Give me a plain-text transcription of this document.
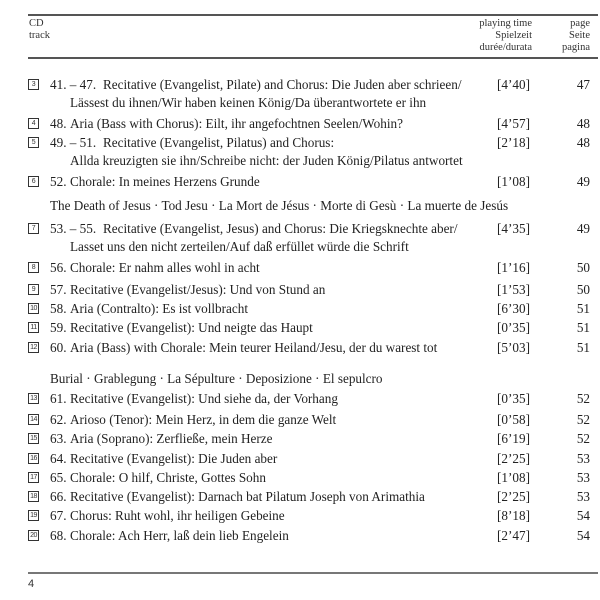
CD
track
playing time
Spielzeit
durée/durata
page
Seite
pagina
3 41. – 47. Recitative (Evangelist, Pilate) and Chorus: Die Juden aber schrieen/
Lässest du ihnen/Wir haben keinen König/Da überantwortete er ihn
[4’40]	47
4 48. Aria (Bass with Chorus): Eilt, ihr angefochtnen Seelen/Wohin?	[4’57]	48
5 49. – 51. Recitative (Evangelist, Pilatus) and Chorus:
Allda kreuzigten sie ihn/Schreibe nicht: der Juden König/Pilatus antwortet
[2’18]	48
6 52. Chorale: In meines Herzens Grunde	[1’08]	49
The Death of Jesus · Tod Jesu · La Mort de Jésus · Morte di Gesù · La muerte de Jesús
7 53. – 55. Recitative (Evangelist, Jesus) and Chorus: Die Kriegsknechte aber/
Lasset uns den nicht zerteilen/Auf daß erfüllet würde die Schrift
[4’35]	49
8 56. Chorale: Er nahm alles wohl in acht	[1’16]	50
9 57. Recitative (Evangelist/Jesus): Und von Stund an	[1’53]	50
10 58. Aria (Contralto): Es ist vollbracht	[6’30]	51
11 59. Recitative (Evangelist): Und neigte das Haupt	[0’35]	51
12 60. Aria (Bass) with Chorale: Mein teurer Heiland/Jesu, der du warest tot	[5’03]	51
Burial · Grablegung · La Sépulture · Deposizione · El sepulcro
13 61. Recitative (Evangelist): Und siehe da, der Vorhang	[0’35]	52
14 62. Arioso (Tenor): Mein Herz, in dem die ganze Welt	[0’58]	52
15 63. Aria (Soprano): Zerfließe, mein Herze	[6’19]	52
16 64. Recitative (Evangelist): Die Juden aber	[2’25]	53
17 65. Chorale: O hilf, Christe, Gottes Sohn	[1’08]	53
18 66. Recitative (Evangelist): Darnach bat Pilatum Joseph von Arimathia	[2’25]	53
19 67. Chorus: Ruht wohl, ihr heiligen Gebeine	[8’18]	54
20 68. Chorale: Ach Herr, laß dein lieb Engelein	[2’47]	54
4
